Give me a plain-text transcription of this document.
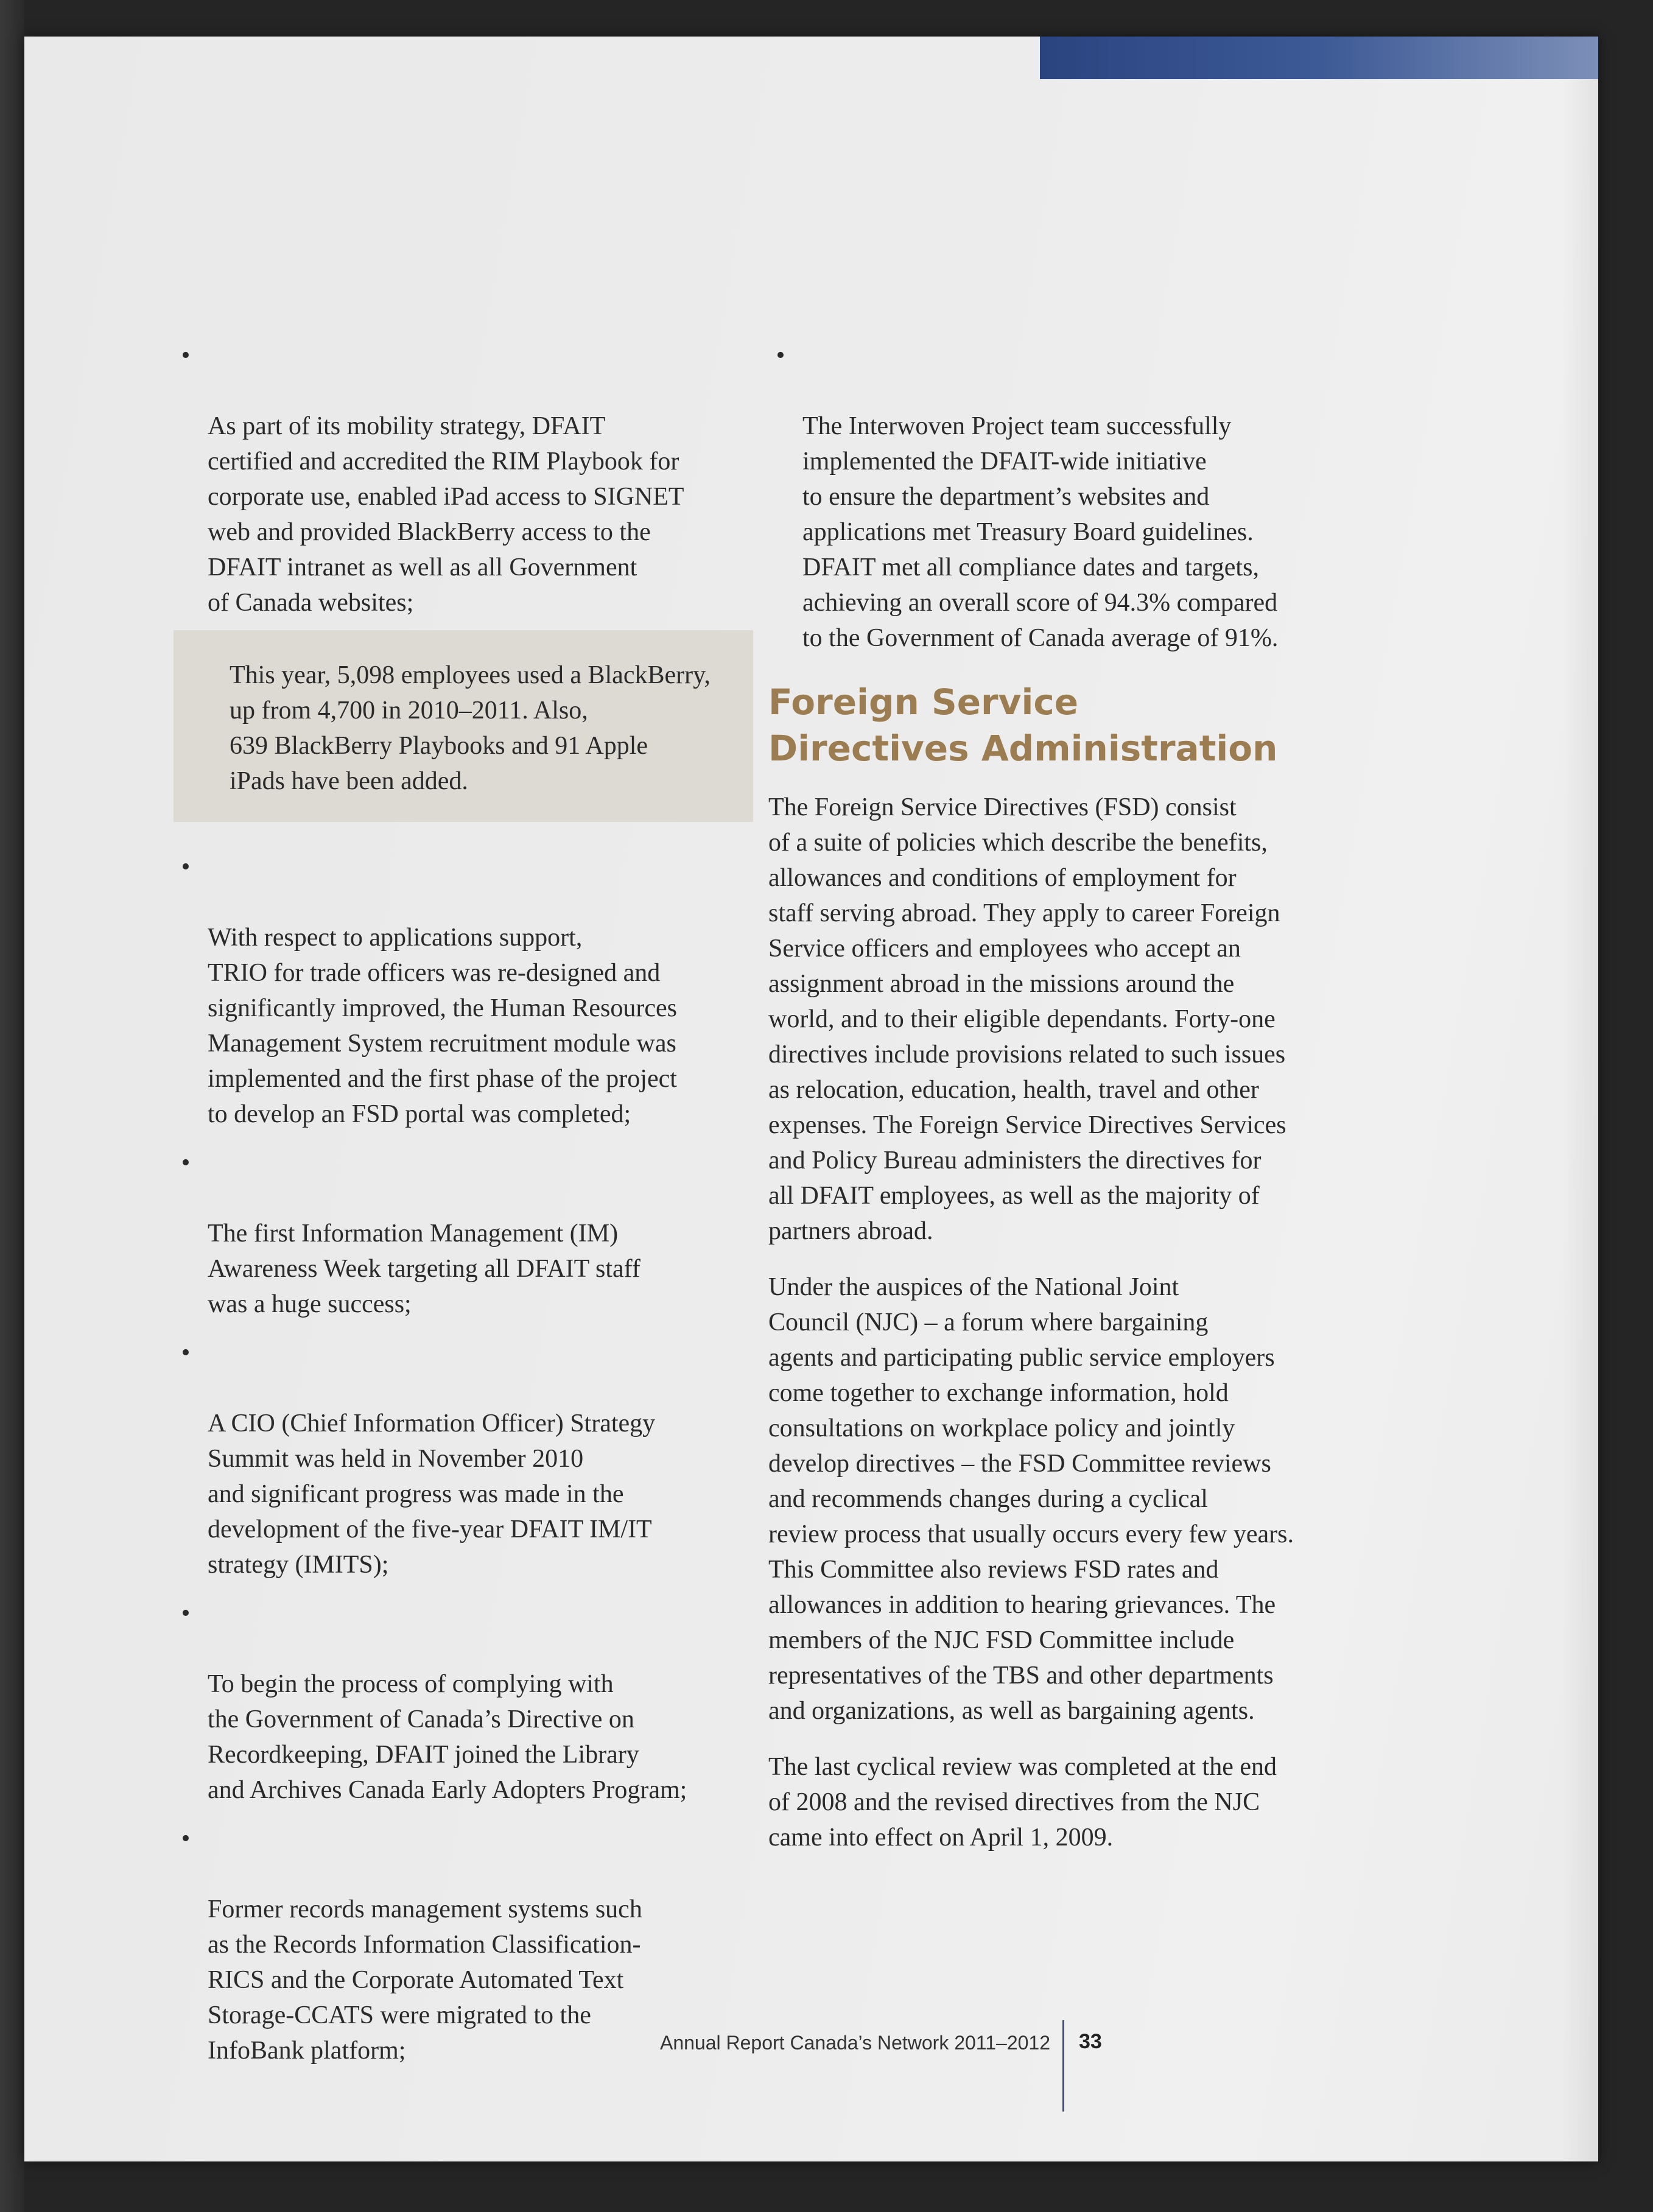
•

As part of its mobility strategy, DFAIT
certified and accredited the RIM Playbook for
corporate use, enabled iPad access to SIGNET
web and provided BlackBerry access to the
DFAIT intranet as well as all Government
of Canada websites;

This year, 5,098 employees used a BlackBerry,
up from 4,700 in 2010–2011. Also,
639 BlackBerry Playbooks and 91 Apple
iPads have been added.

•

With respect to applications support,
TRIO for trade officers was re-designed and
significantly improved, the Human Resources
Management System recruitment module was
implemented and the first phase of the project
to develop an FSD portal was completed;

•

The first Information Management (IM)
Awareness Week targeting all DFAIT staff
was a huge success;

•

A CIO (Chief Information Officer) Strategy
Summit was held in November 2010
and significant progress was made in the
development of the five-year DFAIT IM/IT
strategy (IMITS);

•

To begin the process of complying with
the Government of Canada’s Directive on
Recordkeeping, DFAIT joined the Library
and Archives Canada Early Adopters Program;

•

Former records management systems such
as the Records Information Classification-
RICS and the Corporate Automated Text
Storage-CCATS were migrated to the
InfoBank platform;

•

The Interwoven Project team successfully
implemented the DFAIT-wide initiative
to ensure the department’s websites and
applications met Treasury Board guidelines.
DFAIT met all compliance dates and targets,
achieving an overall score of 94.3% compared
to the Government of Canada average of 91%.

Foreign Service
Directives Administration
The Foreign Service Directives (FSD) consist
of a suite of policies which describe the benefits,
allowances and conditions of employment for
staff serving abroad. They apply to career Foreign
Service officers and employees who accept an
assignment abroad in the missions around the
world, and to their eligible dependants. Forty-one
directives include provisions related to such issues
as relocation, education, health, travel and other
expenses. The Foreign Service Directives Services
and Policy Bureau administers the directives for
all DFAIT employees, as well as the majority of
partners abroad.
Under the auspices of the National Joint
Council (NJC) – a forum where bargaining
agents and participating public service employers
come together to exchange information, hold
consultations on workplace policy and jointly
develop directives – the FSD Committee reviews
and recommends changes during a cyclical
review process that usually occurs every few years.
This Committee also reviews FSD rates and
allowances in addition to hearing grievances. The
members of the NJC FSD Committee include
representatives of the TBS and other departments
and organizations, as well as bargaining agents.
The last cyclical review was completed at the end
of 2008 and the revised directives from the NJC
came into effect on April 1, 2009.
Annual Report Canada’s Network 2011–2012 33
